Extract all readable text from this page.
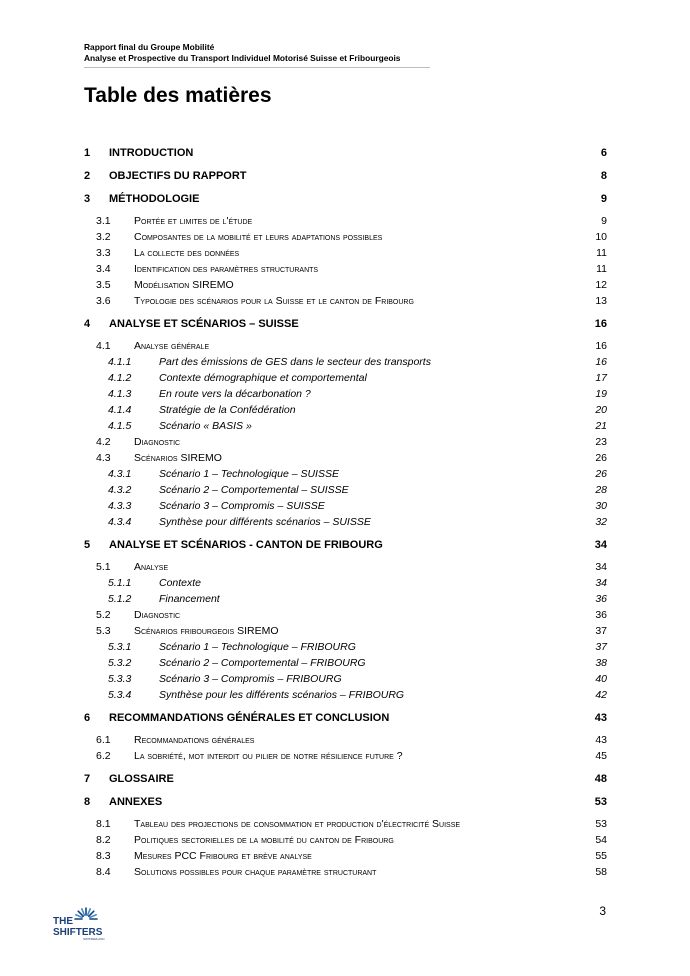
Rapport final du Groupe Mobilité
Analyse et Prospective du Transport Individuel Motorisé Suisse et Fribourgeois
Table des matières
1 INTRODUCTION	6
2 OBJECTIFS DU RAPPORT	8
3 MÉTHODOLOGIE	9
3.1 Portée et limites de l'étude	9
3.2 Composantes de la mobilité et leurs adaptations possibles	10
3.3 La collecte des données	11
3.4 Identification des paramètres structurants	11
3.5 Modélisation SIREMO	12
3.6 Typologie des scénarios pour la Suisse et le canton de Fribourg	13
4 ANALYSE ET SCÉNARIOS – SUISSE	16
4.1 Analyse générale	16
4.1.1	Part des émissions de GES dans le secteur des transports	16
4.1.2	Contexte démographique et comportemental	17
4.1.3	En route vers la décarbonation ?	19
4.1.4	Stratégie de la Confédération	20
4.1.5	Scénario « BASIS »	21
4.2 Diagnostic	23
4.3 Scénarios SIREMO	26
4.3.1	Scénario 1 – Technologique – SUISSE	26
4.3.2	Scénario 2 – Comportemental – SUISSE	28
4.3.3	Scénario 3 – Compromis – SUISSE	30
4.3.4	Synthèse pour différents scénarios – SUISSE	32
5 ANALYSE ET SCÉNARIOS - CANTON DE FRIBOURG	34
5.1 Analyse	34
5.1.1	Contexte	34
5.1.2	Financement	36
5.2 Diagnostic	36
5.3 Scénarios fribourgeois SIREMO	37
5.3.1	Scénario 1 – Technologique – FRIBOURG	37
5.3.2	Scénario 2 – Comportemental – FRIBOURG	38
5.3.3	Scénario 3 – Compromis – FRIBOURG	40
5.3.4	Synthèse pour les différents scénarios – FRIBOURG	42
6 RECOMMANDATIONS GÉNÉRALES ET CONCLUSION	43
6.1 Recommandations générales	43
6.2 La sobriété, mot interdit ou pilier de notre résilience future ?	45
7 GLOSSAIRE	48
8 ANNEXES	53
8.1 Tableau des projections de consommation et production d'électricité Suisse	53
8.2 Politiques sectorielles de la mobilité du canton de Fribourg	54
8.3 Mesures PCC Fribourg et brève analyse	55
8.4 Solutions possibles pour chaque paramètre structurant	58
3
THE
SHIFTERS
SWITZERLAND
